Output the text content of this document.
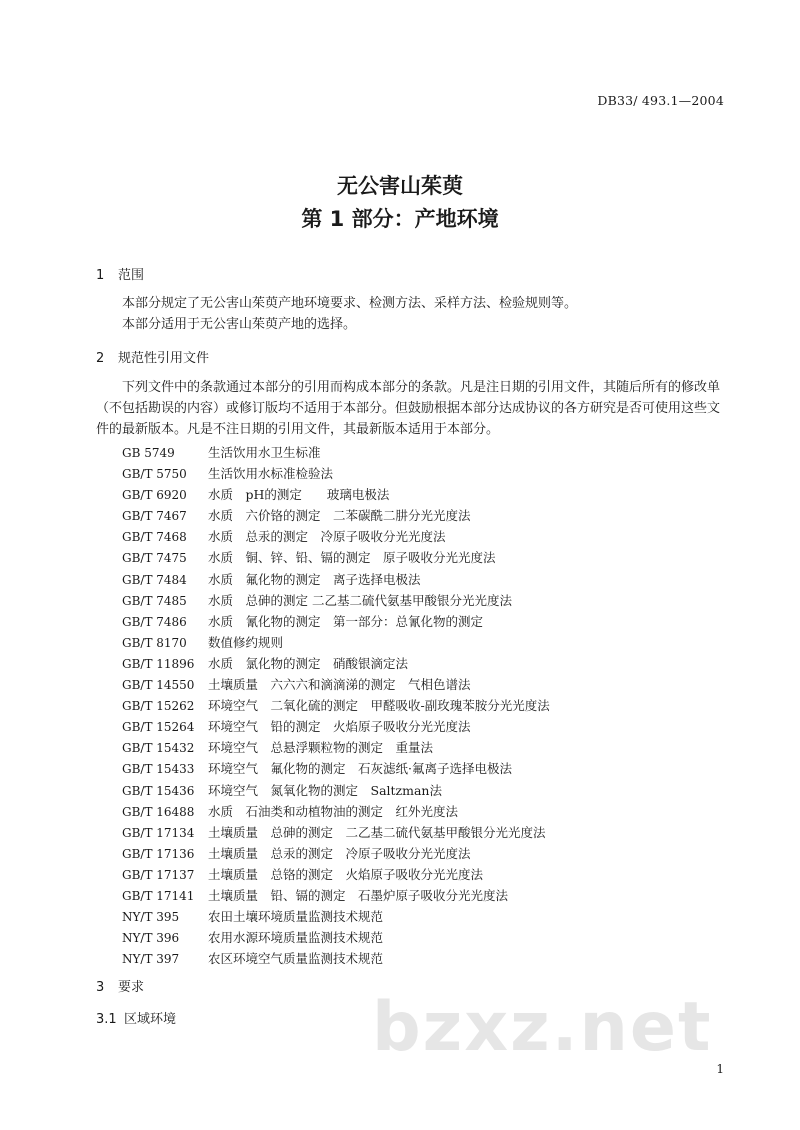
DB33/ 493.1—2004
无公害山茱萸
第 1 部分：产地环境
1 范围
本部分规定了无公害山茱萸产地环境要求、检测方法、采样方法、检验规则等。
本部分适用于无公害山茱萸产地的选择。
2 规范性引用文件
下列文件中的条款通过本部分的引用而构成本部分的条款。凡是注日期的引用文件，其随后所有的修改单（不包括勘误的内容）或修订版均不适用于本部分。但鼓励根据本部分达成协议的各方研究是否可使用这些文件的最新版本。凡是不注日期的引用文件，其最新版本适用于本部分。
GB 5749	生活饮用水卫生标准
GB/T 5750 生活饮用水标准检验法
GB/T 6920 水质　pH的测定　　玻璃电极法
GB/T 7467 水质　六价铬的测定　二苯碳酰二肼分光光度法
GB/T 7468 水质　总汞的测定　冷原子吸收分光光度法
GB/T 7475 水质　铜、锌、铅、镉的测定　原子吸收分光光度法
GB/T 7484 水质　氟化物的测定　离子选择电极法
GB/T 7485 水质　总砷的测定 二乙基二硫代氨基甲酸银分光光度法
GB/T 7486 水质　氰化物的测定　第一部分：总氰化物的测定
GB/T 8170 数值修约规则
GB/T 11896 水质　氯化物的测定　硝酸银滴定法
GB/T 14550 土壤质量　六六六和滴滴涕的测定　气相色谱法
GB/T 15262 环境空气　二氧化硫的测定　甲醛吸收-副玫瑰苯胺分光光度法
GB/T 15264 环境空气　铅的测定　火焰原子吸收分光光度法
GB/T 15432 环境空气　总悬浮颗粒物的测定　重量法
GB/T 15433 环境空气　氟化物的测定　石灰滤纸·氟离子选择电极法
GB/T 15436 环境空气　氮氧化物的测定　Saltzman法
GB/T 16488 水质　石油类和动植物油的测定　红外光度法
GB/T 17134 土壤质量　总砷的测定　二乙基二硫代氨基甲酸银分光光度法
GB/T 17136 土壤质量　总汞的测定　冷原子吸收分光光度法
GB/T 17137 土壤质量　总铬的测定　火焰原子吸收分光光度法
GB/T 17141 土壤质量　铅、镉的测定　石墨炉原子吸收分光光度法
NY/T 395 农田土壤环境质量监测技术规范
NY/T 396 农用水源环境质量监测技术规范
NY/T 397 农区环境空气质量监测技术规范
3 要求
3.1 区域环境	bzxz.net
1
